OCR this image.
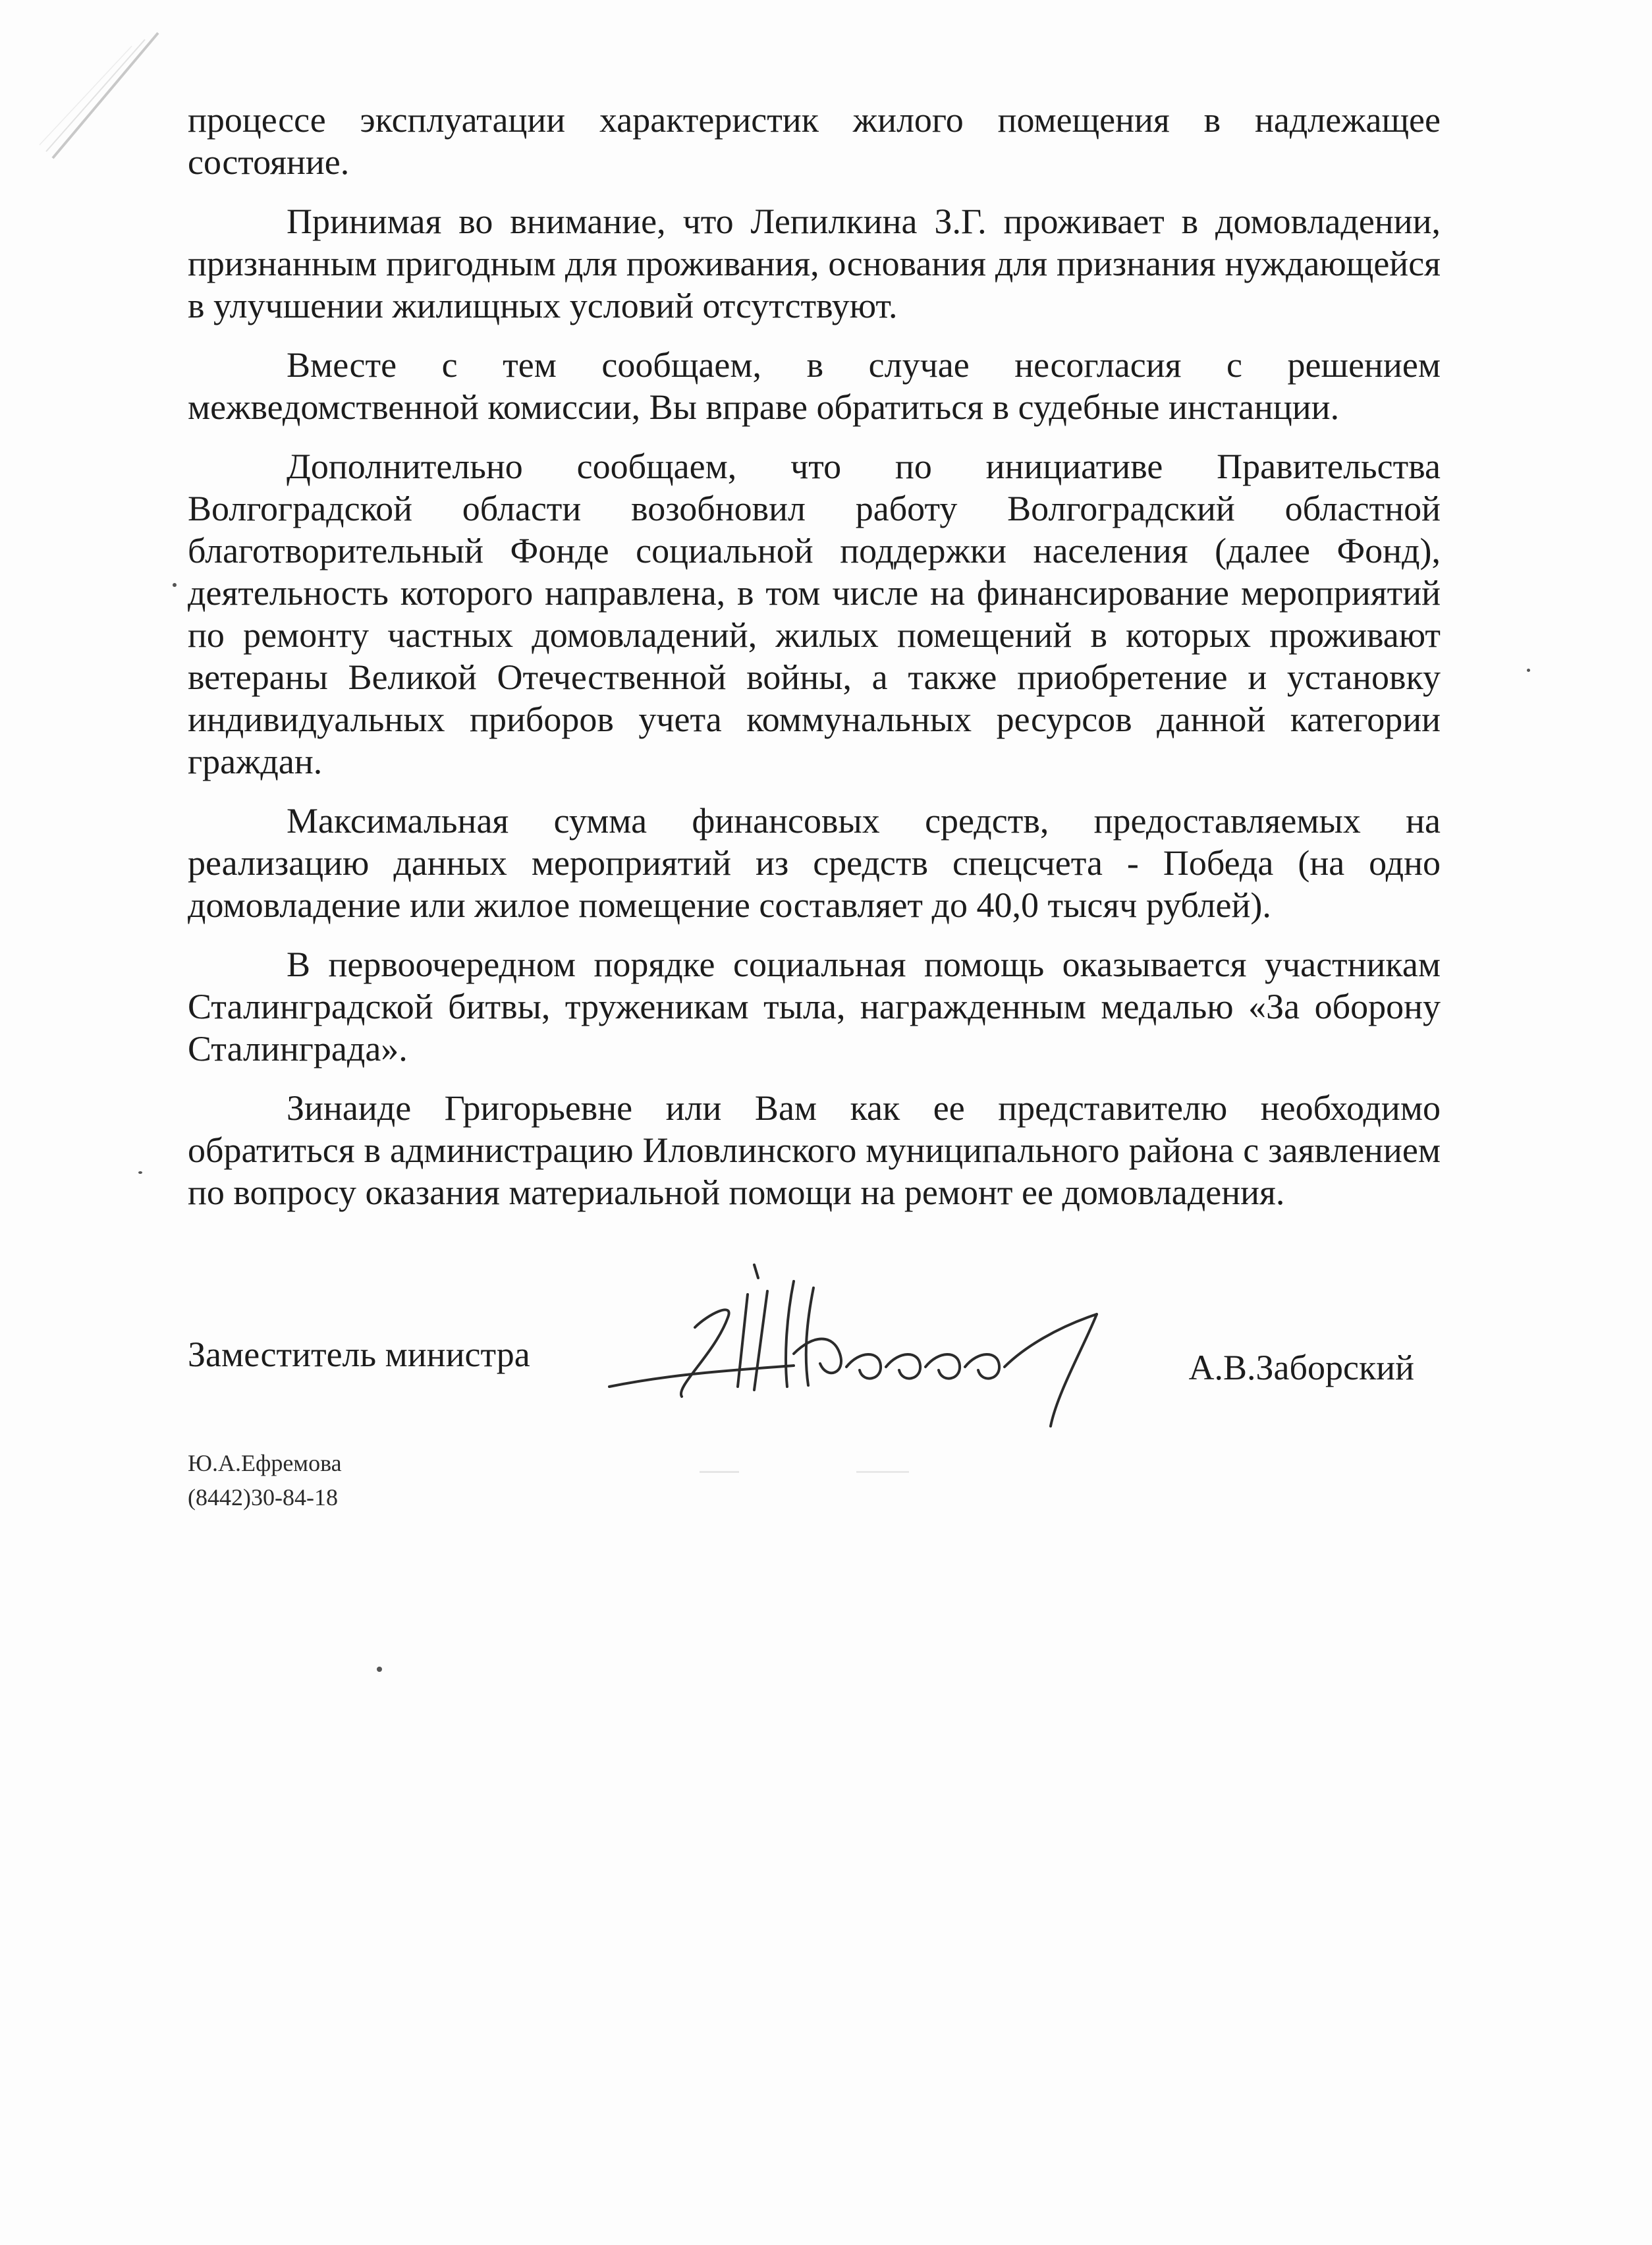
процессе эксплуатации характеристик жилого помещения в надлежащее состояние.

Принимая во внимание, что Лепилкина З.Г. проживает в домовладении, признанным пригодным для проживания, основания для признания нуждающейся в улучшении жилищных условий отсутствуют.

Вместе с тем сообщаем, в случае несогласия с решением межведомственной комиссии, Вы вправе обратиться в судебные инстанции.

Дополнительно сообщаем, что по инициативе Правительства Волгоградской области возобновил работу Волгоградский областной благотворительный Фонде социальной поддержки населения (далее Фонд), деятельность которого направлена, в том числе на финансирование мероприятий по ремонту частных домовладений, жилых помещений в которых проживают ветераны Великой Отечественной войны, а также приобретение и установку индивидуальных приборов учета коммунальных ресурсов данной категории граждан.

Максимальная сумма финансовых средств, предоставляемых на реализацию данных мероприятий из средств спецсчета - Победа (на одно домовладение или жилое помещение составляет до 40,0 тысяч рублей).

В первоочередном порядке социальная помощь оказывается участникам Сталинградской битвы, труженикам тыла, награжденным медалью «За оборону Сталинграда».

Зинаиде Григорьевне или Вам как ее представителю необходимо обратиться в администрацию Иловлинского муниципального района с заявлением по вопросу оказания материальной помощи на ремонт ее домовладения.

Заместитель министра	А.В.Заборский
Ю.А.Ефремова
(8442)30-84-18
